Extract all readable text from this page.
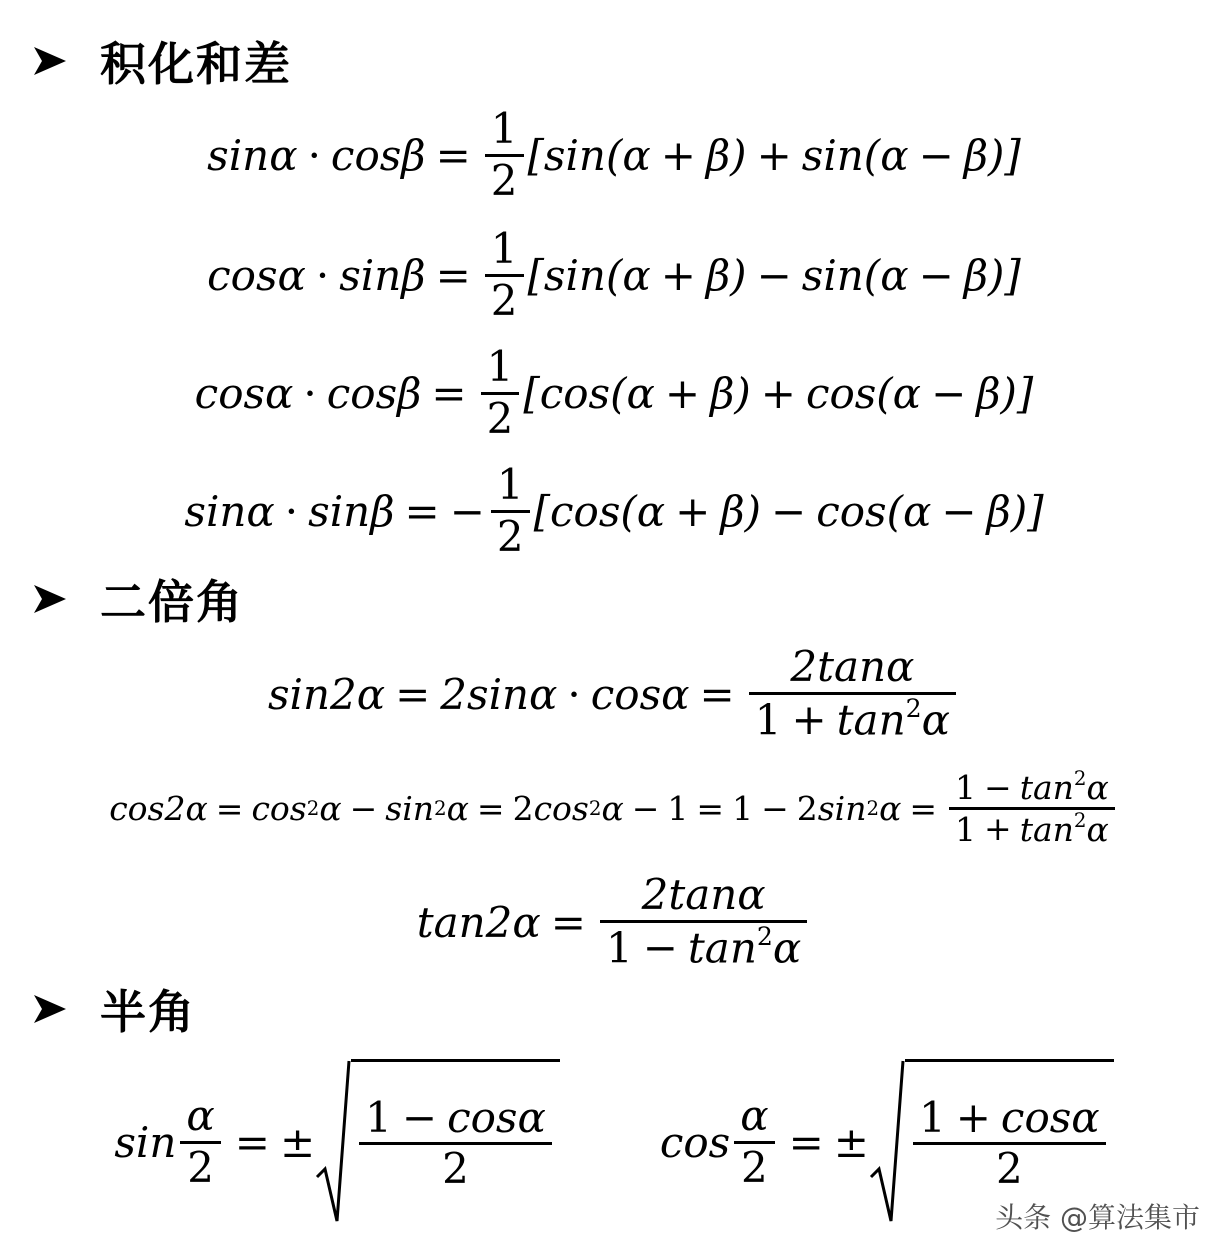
积化和差
$\sin\alpha \cdot \cos\beta = \frac{1}{2} [\sin(\alpha + \beta) + \sin(\alpha - \beta)]$
$\cos\alpha \cdot \sin\beta = \frac{1}{2} [\sin(\alpha + \beta) - \sin(\alpha - \beta)]$
$\cos\alpha \cdot \cos\beta = \frac{1}{2} [\cos(\alpha + \beta) + \cos(\alpha - \beta)]$
sinα · sinβ = − $\frac{1}{2} [\cos(\alpha + \beta) - \cos(\alpha - \beta)]$
二倍角
$\sin 2\alpha = 2\sin\alpha \cdot \cos\alpha = \frac{2\tan\alpha}{1 + \tan^2\alpha}$
cos2α = cos 2 α − sin 2 α = 2 cos 2 α − 1 = 1 − 2 sin 2 $\alpha = \frac{1 - \tan^2\alpha}{1 + \tan^2\alpha}$
$\tan 2\alpha = \frac{2\tan\alpha}{1 - \tan^2\alpha}$
半角
$\sin \frac{\alpha}{2}$ = ± $\frac{1 - \cos\alpha}{2}$	$\cos \frac{\alpha}{2}$ = ± $\frac{1 + \cos\alpha}{2}$
头条 @算法集市
